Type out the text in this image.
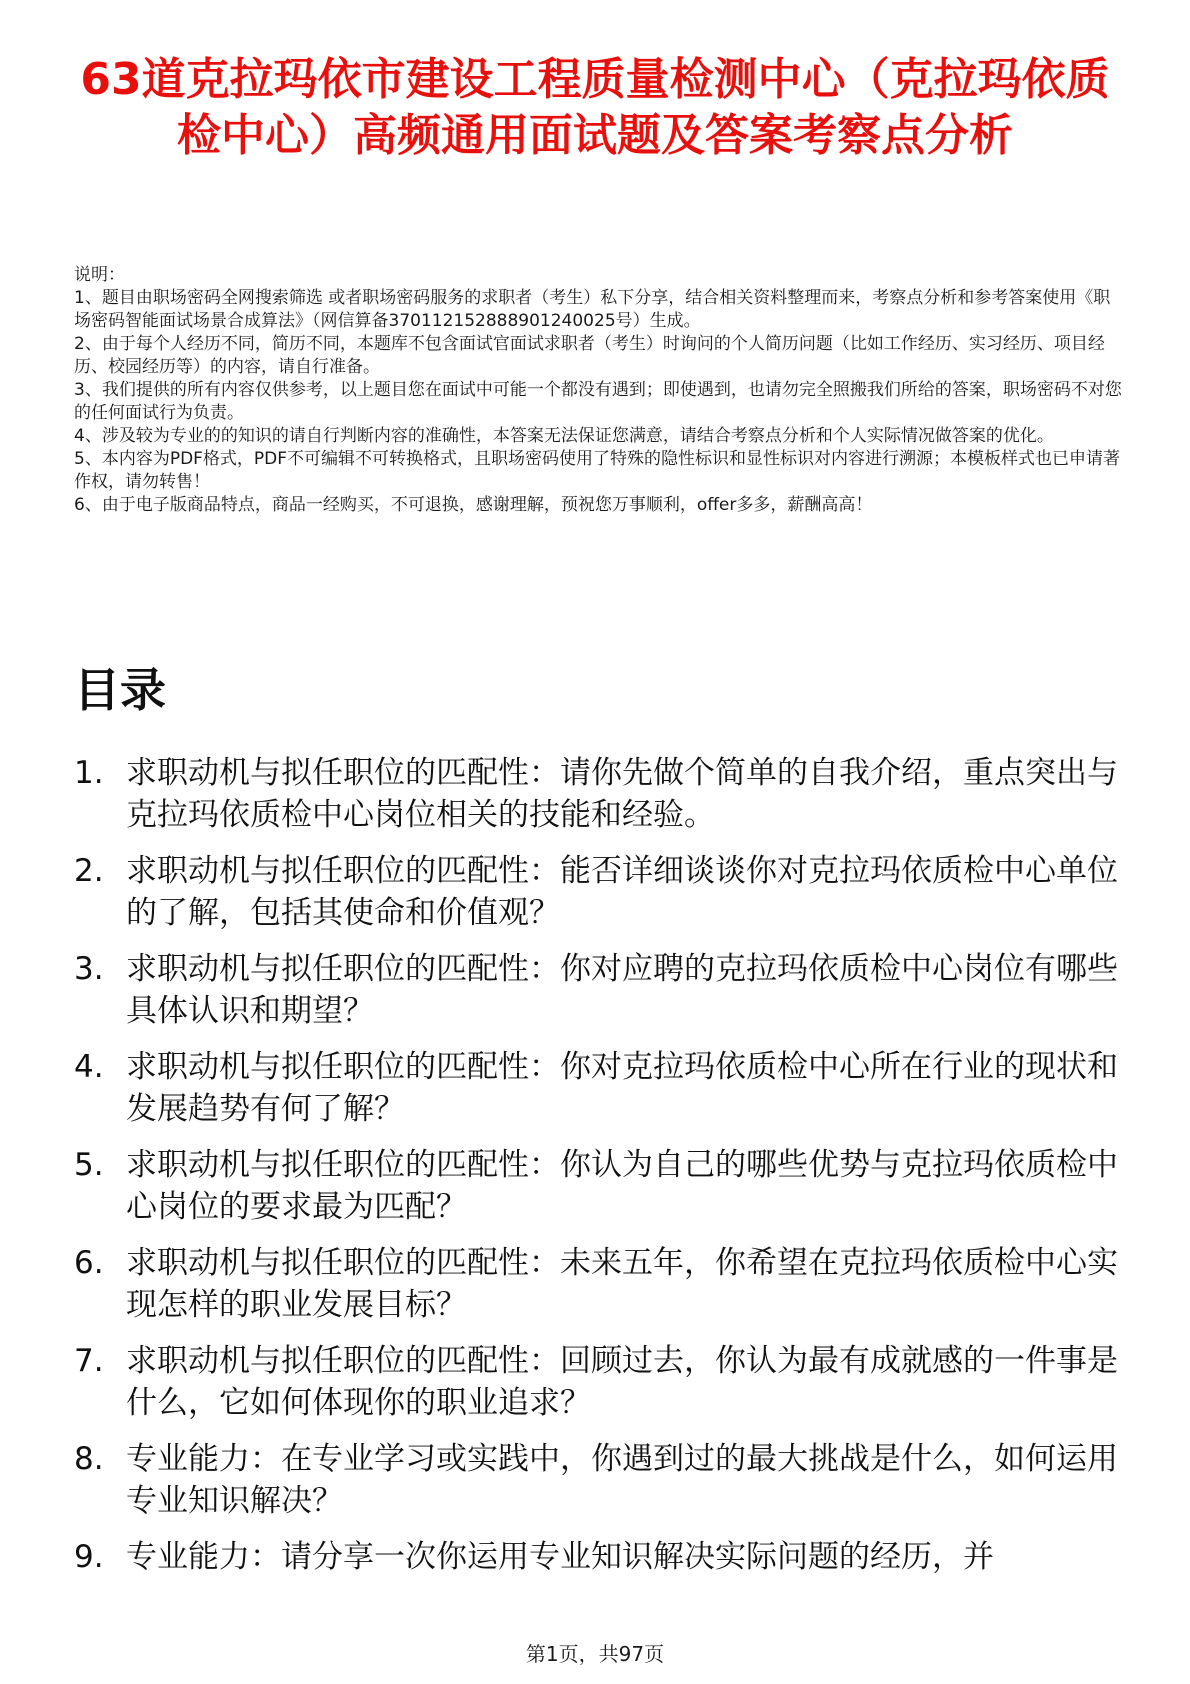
63道克拉玛依市建设工程质量检测中心（克拉玛依质检中心）高频通用面试题及答案考察点分析

说明：

1、题目由职场密码全网搜索筛选 或者职场密码服务的求职者（考生）私下分享，结合相关资料整理而来，考察点分析和参考答案使用《职场密码智能面试场景合成算法》（网信算备370112152888901240025号）生成。

2、由于每个人经历不同，简历不同，本题库不包含面试官面试求职者（考生）时询问的个人简历问题（比如工作经历、实习经历、项目经历、校园经历等）的内容，请自行准备。

3、我们提供的所有内容仅供参考，以上题目您在面试中可能一个都没有遇到；即使遇到，也请勿完全照搬我们所给的答案，职场密码不对您的任何面试行为负责。

4、涉及较为专业的的知识的请自行判断内容的准确性，本答案无法保证您满意，请结合考察点分析和个人实际情况做答案的优化。

5、本内容为PDF格式，PDF不可编辑不可转换格式，且职场密码使用了特殊的隐性标识和显性标识对内容进行溯源；本模板样式也已申请著作权，请勿转售！

6、由于电子版商品特点，商品一经购买，不可退换，感谢理解，预祝您万事顺利，offer多多，薪酬高高！

目录
1. 求职动机与拟任职位的匹配性：请你先做个简单的自我介绍，重点突出与克拉玛依质检中心岗位相关的技能和经验。
2. 求职动机与拟任职位的匹配性：能否详细谈谈你对克拉玛依质检中心单位的了解，包括其使命和价值观？
3. 求职动机与拟任职位的匹配性：你对应聘的克拉玛依质检中心岗位有哪些具体认识和期望？
4. 求职动机与拟任职位的匹配性：你对克拉玛依质检中心所在行业的现状和发展趋势有何了解？
5. 求职动机与拟任职位的匹配性：你认为自己的哪些优势与克拉玛依质检中心岗位的要求最为匹配？
6. 求职动机与拟任职位的匹配性：未来五年，你希望在克拉玛依质检中心实现怎样的职业发展目标？
7. 求职动机与拟任职位的匹配性：回顾过去，你认为最有成就感的一件事是什么，它如何体现你的职业追求？
8. 专业能力：在专业学习或实践中，你遇到过的最大挑战是什么，如何运用专业知识解决？
9. 专业能力：请分享一次你运用专业知识解决实际问题的经历，并
第1页，共97页
